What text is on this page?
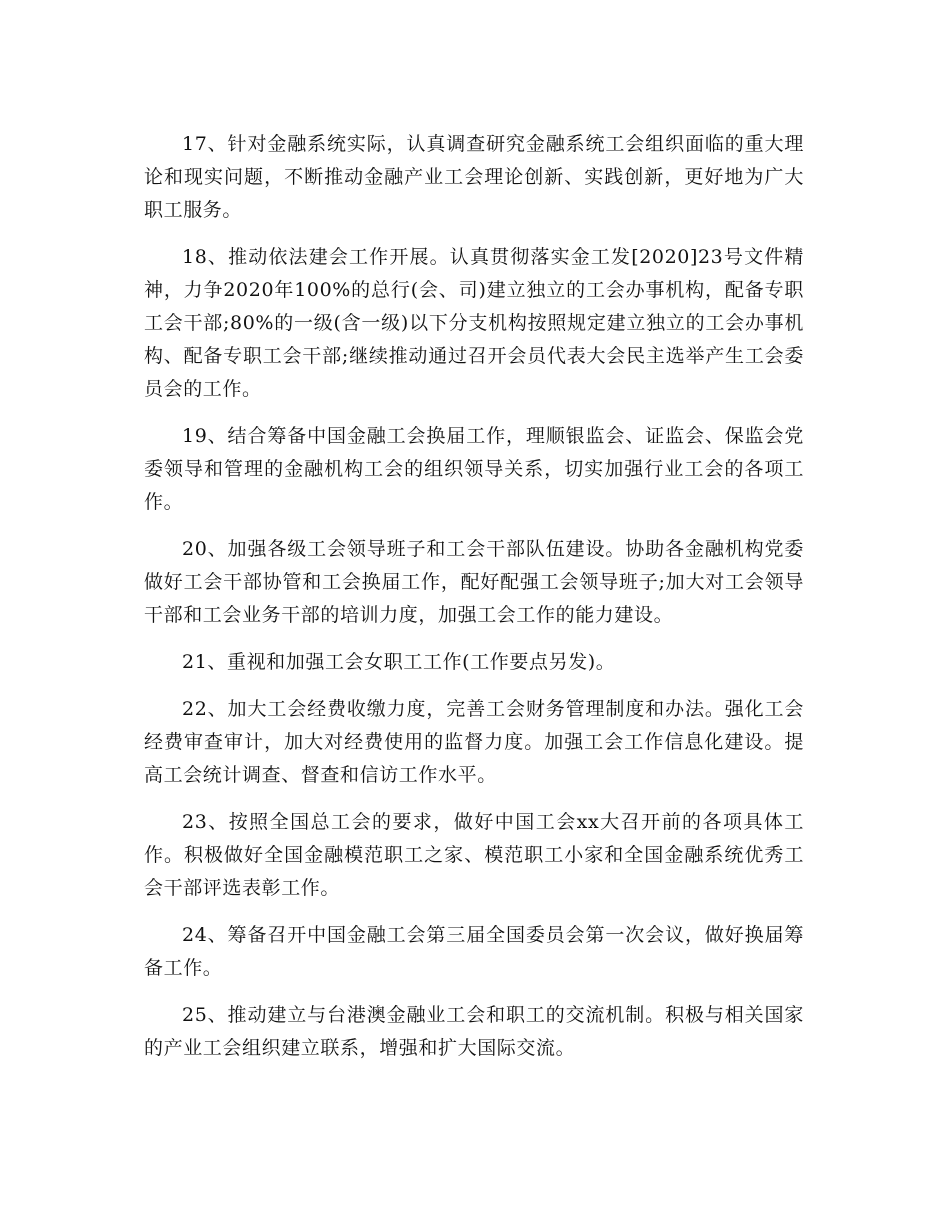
17、针对金融系统实际，认真调查研究金融系统工会组织面临的重大理论和现实问题，不断推动金融产业工会理论创新、实践创新，更好地为广大职工服务。

18、推动依法建会工作开展。认真贯彻落实金工发[2020]23号文件精神，力争2020年100%的总行(会、司)建立独立的工会办事机构，配备专职工会干部;80%的一级(含一级)以下分支机构按照规定建立独立的工会办事机构、配备专职工会干部;继续推动通过召开会员代表大会民主选举产生工会委员会的工作。

19、结合筹备中国金融工会换届工作，理顺银监会、证监会、保监会党委领导和管理的金融机构工会的组织领导关系，切实加强行业工会的各项工作。

20、加强各级工会领导班子和工会干部队伍建设。协助各金融机构党委做好工会干部协管和工会换届工作，配好配强工会领导班子;加大对工会领导干部和工会业务干部的培训力度，加强工会工作的能力建设。

21、重视和加强工会女职工工作(工作要点另发)。

22、加大工会经费收缴力度，完善工会财务管理制度和办法。强化工会经费审查审计，加大对经费使用的监督力度。加强工会工作信息化建设。提高工会统计调查、督查和信访工作水平。

23、按照全国总工会的要求，做好中国工会xx大召开前的各项具体工作。积极做好全国金融模范职工之家、模范职工小家和全国金融系统优秀工会干部评选表彰工作。

24、筹备召开中国金融工会第三届全国委员会第一次会议，做好换届筹备工作。

25、推动建立与台港澳金融业工会和职工的交流机制。积极与相关国家的产业工会组织建立联系，增强和扩大国际交流。
